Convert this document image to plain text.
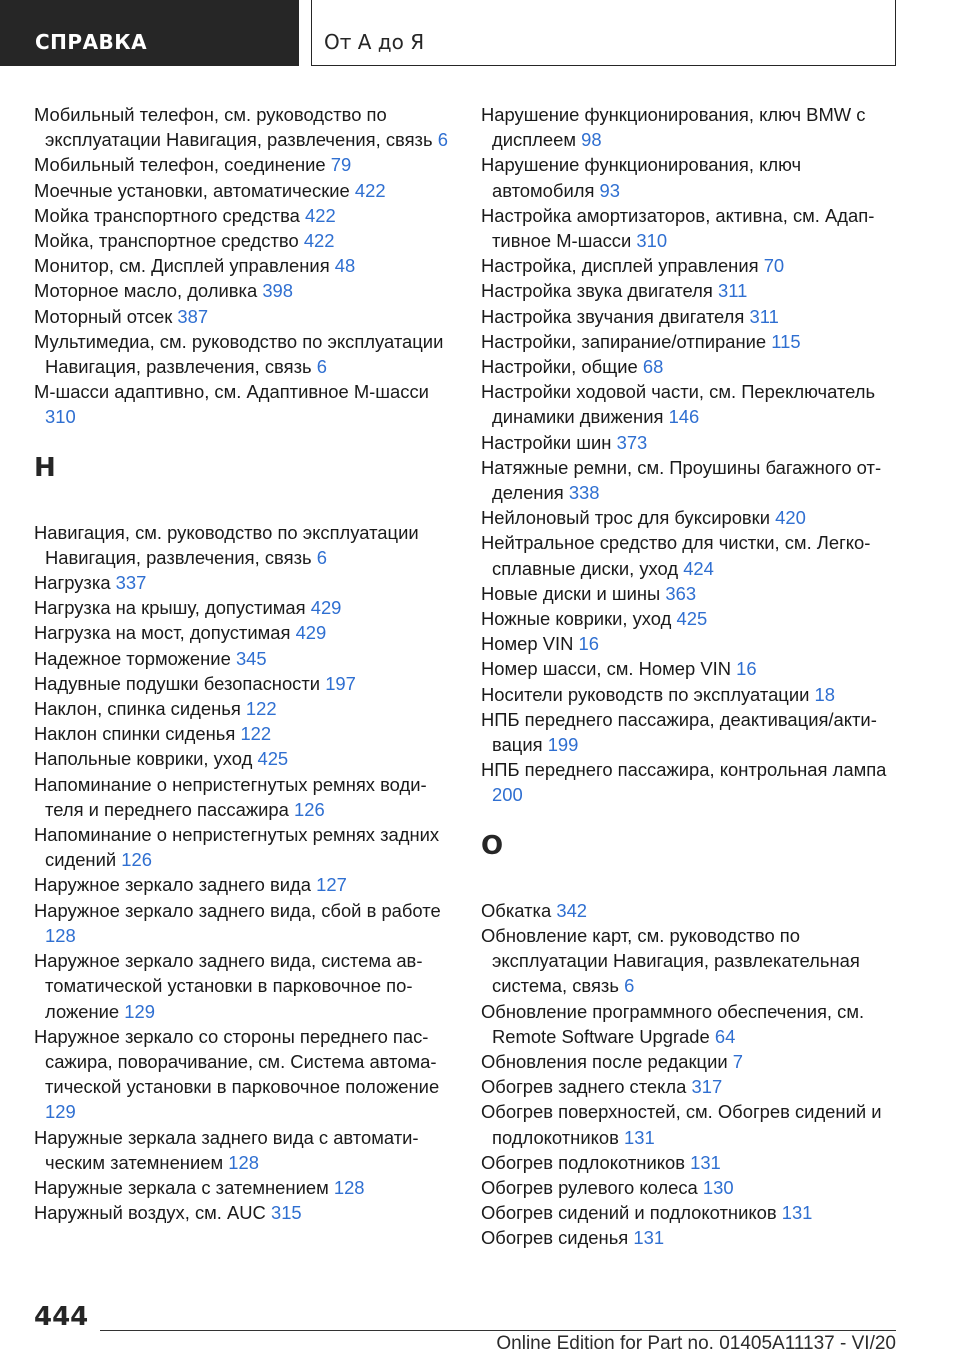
СПРАВКА	От А до Я
Мобильный телефон, см. руководство по эксплуатации Навигация, развлечения, связь 6
Мобильный телефон, соединение 79
Моечные установки, автоматические 422
Мойка транспортного средства 422
Мойка, транспортное средство 422
Монитор, см. Дисплей управления 48
Моторное масло, доливка 398
Моторный отсек 387
Мультимедиа, см. руководство по эксплуатации Навигация, развлечения, связь 6
M-шасси адаптивно, см. Адаптивное M-шасси 310
Н
Навигация, см. руководство по эксплуатации Навигация, развлечения, связь 6
Нагрузка 337
Нагрузка на крышу, допустимая 429
Нагрузка на мост, допустимая 429
Надежное торможение 345
Надувные подушки безопасности 197
Наклон, спинка сиденья 122
Наклон спинки сиденья 122
Напольные коврики, уход 425
Напоминание о непристегнутых ремнях водителя и переднего пассажира 126
Напоминание о непристегнутых ремнях задних сидений 126
Наружное зеркало заднего вида 127
Наружное зеркало заднего вида, сбой в работе 128
Наружное зеркало заднего вида, система автоматической установки в парковочное положение 129
Наружное зеркало со стороны переднего пассажира, поворачивание, см. Система автоматической установки в парковочное положение 129
Наружные зеркала заднего вида с автоматическим затемнением 128
Наружные зеркала с затемнением 128
Наружный воздух, см. AUC 315
Нарушение функционирования, ключ BMW с дисплеем 98
Нарушение функционирования, ключ автомобиля 93
Настройка амортизаторов, активна, см. Адаптивное M-шасси 310
Настройка, дисплей управления 70
Настройка звука двигателя 311
Настройка звучания двигателя 311
Настройки, запирание/отпирание 115
Настройки, общие 68
Настройки ходовой части, см. Переключатель динамики движения 146
Настройки шин 373
Натяжные ремни, см. Проушины багажного отделения 338
Нейлоновый трос для буксировки 420
Нейтральное средство для чистки, см. Легкосплавные диски, уход 424
Новые диски и шины 363
Ножные коврики, уход 425
Номер VIN 16
Номер шасси, см. Номер VIN 16
Носители руководств по эксплуатации 18
НПБ переднего пассажира, деактивация/активация 199
НПБ переднего пассажира, контрольная лампа 200
О
Обкатка 342
Обновление карт, см. руководство по эксплуатации Навигация, развлекательная система, связь 6
Обновление программного обеспечения, см. Remote Software Upgrade 64
Обновления после редакции 7
Обогрев заднего стекла 317
Обогрев поверхностей, см. Обогрев сидений и подлокотников 131
Обогрев подлокотников 131
Обогрев рулевого колеса 130
Обогрев сидений и подлокотников 131
Обогрев сиденья 131
444
Online Edition for Part no. 01405A11137 - VI/20
